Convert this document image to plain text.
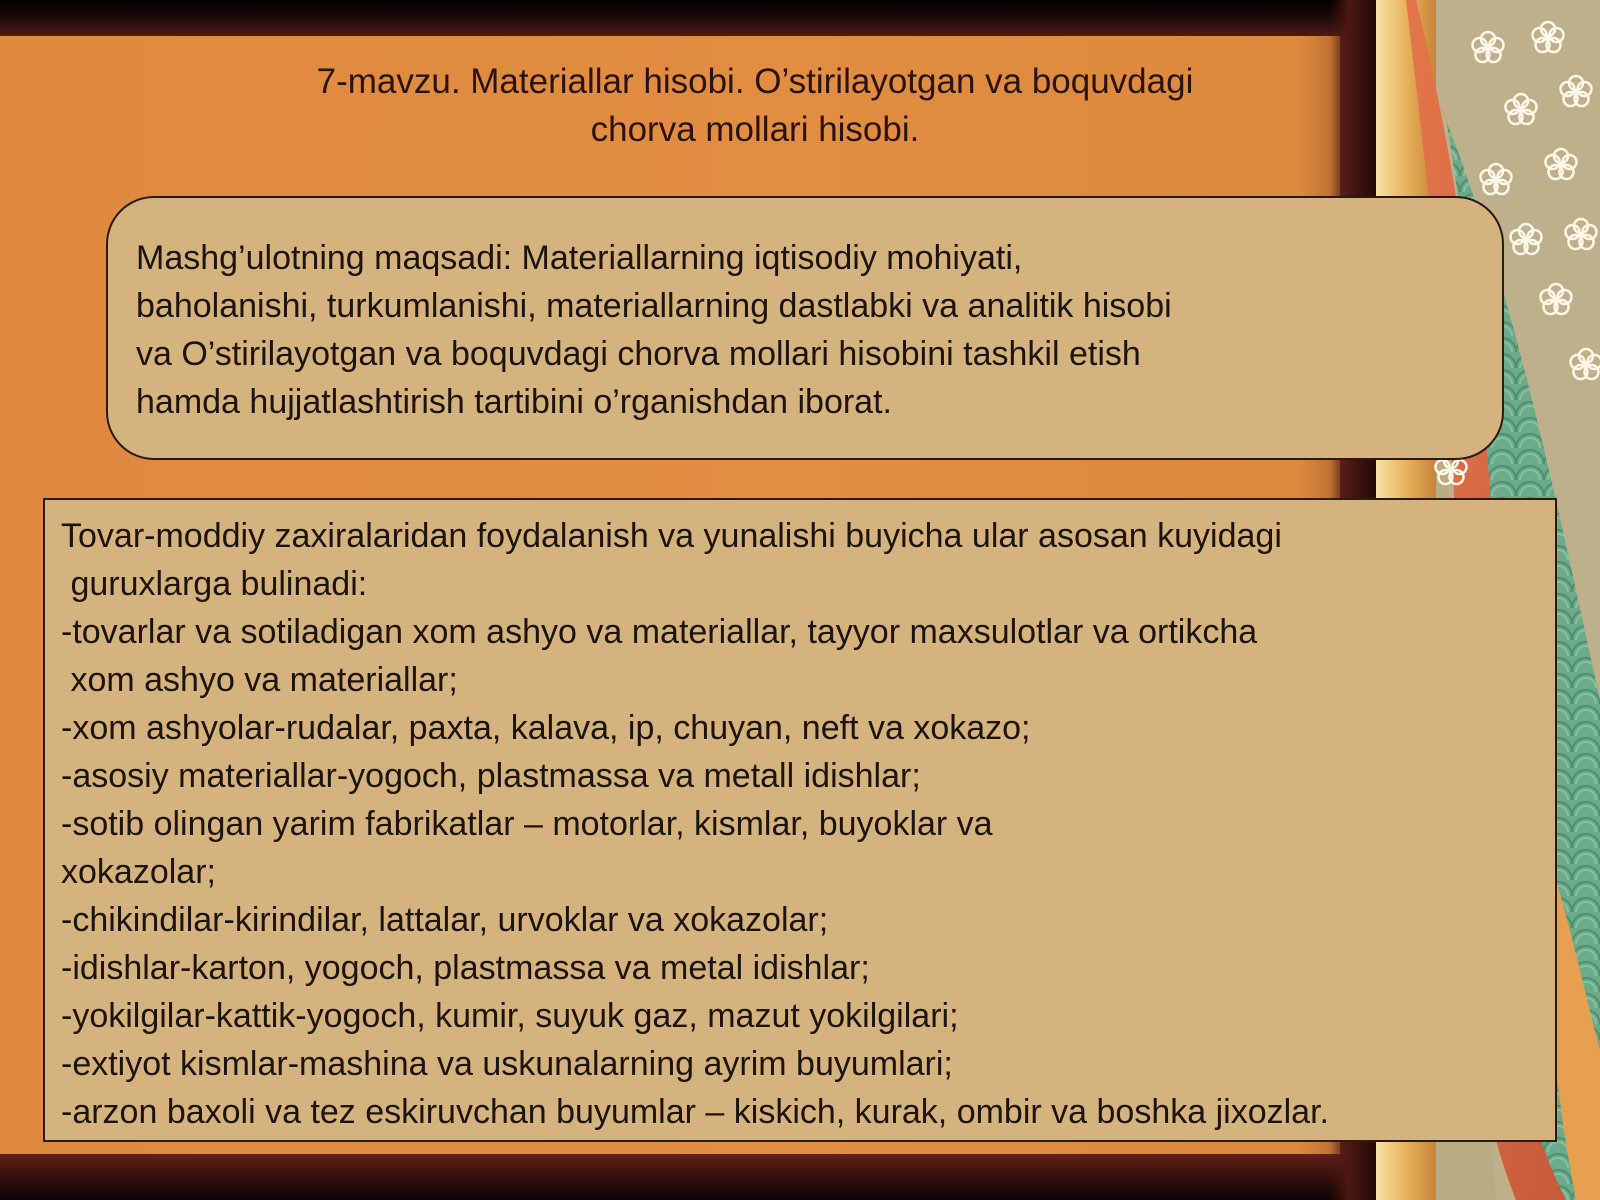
7-mavzu. Materiallar hisobi. O’stirilayotgan va boquvdagi
chorva mollari hisobi.
Mashg’ulotning maqsadi: Materiallarning iqtisodiy mohiyati,
baholanishi, turkumlanishi, materiallarning dastlabki va analitik hisobi
va O’stirilayotgan va boquvdagi chorva mollari hisobini tashkil etish
hamda hujjatlashtirish tartibini o’rganishdan iborat.
Tovar-moddiy zaxiralaridan foydalanish va yunalishi buyicha ular asosan kuyidagi
guruxlarga bulinadi:
-tovarlar va sotiladigan xom ashyo va materiallar, tayyor maxsulotlar va ortikcha
xom ashyo va materiallar;
-xom ashyolar-rudalar, paxta, kalava, ip, chuyan, neft va xokazo;
-asosiy materiallar-yogoch, plastmassa va metall idishlar;
-sotib olingan yarim fabrikatlar – motorlar, kismlar, buyoklar va
xokazolar;
-chikindilar-kirindilar, lattalar, urvoklar va xokazolar;
-idishlar-karton, yogoch, plastmassa va metal idishlar;
-yokilgilar-kattik-yogoch, kumir, suyuk gaz, mazut yokilgilari;
-extiyot kismlar-mashina va uskunalarning ayrim buyumlari;
-arzon baxoli va tez eskiruvchan buyumlar – kiskich, kurak, ombir va boshka jixozlar.
